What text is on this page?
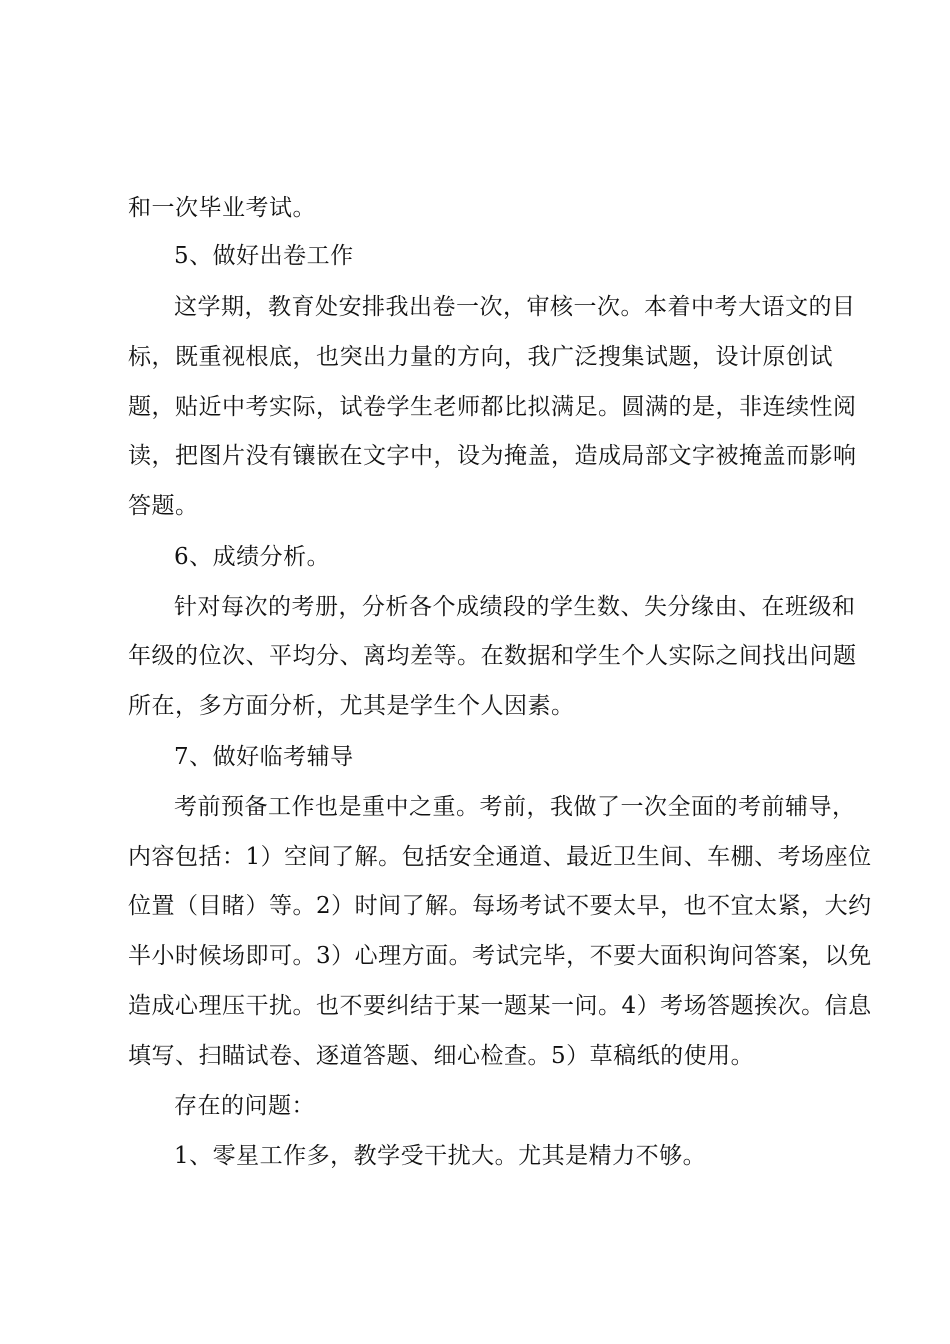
和一次毕业考试。

5、做好出卷工作

这学期，教育处安排我出卷一次，审核一次。本着中考大语文的目

标，既重视根底，也突出力量的方向，我广泛搜集试题，设计原创试

题，贴近中考实际，试卷学生老师都比拟满足。圆满的是，非连续性阅

读，把图片没有镶嵌在文字中，设为掩盖，造成局部文字被掩盖而影响

答题。

6、成绩分析。

针对每次的考册，分析各个成绩段的学生数、失分缘由、在班级和

年级的位次、平均分、离均差等。在数据和学生个人实际之间找出问题

所在，多方面分析，尤其是学生个人因素。

7、做好临考辅导

考前预备工作也是重中之重。考前，我做了一次全面的考前辅导，

内容包括：1）空间了解。包括安全通道、最近卫生间、车棚、考场座位

位置（目睹）等。2）时间了解。每场考试不要太早，也不宜太紧，大约

半小时候场即可。3）心理方面。考试完毕，不要大面积询问答案，以免

造成心理压干扰。也不要纠结于某一题某一问。4）考场答题挨次。信息

填写、扫瞄试卷、逐道答题、细心检查。5）草稿纸的使用。

存在的问题：

1、零星工作多，教学受干扰大。尤其是精力不够。
